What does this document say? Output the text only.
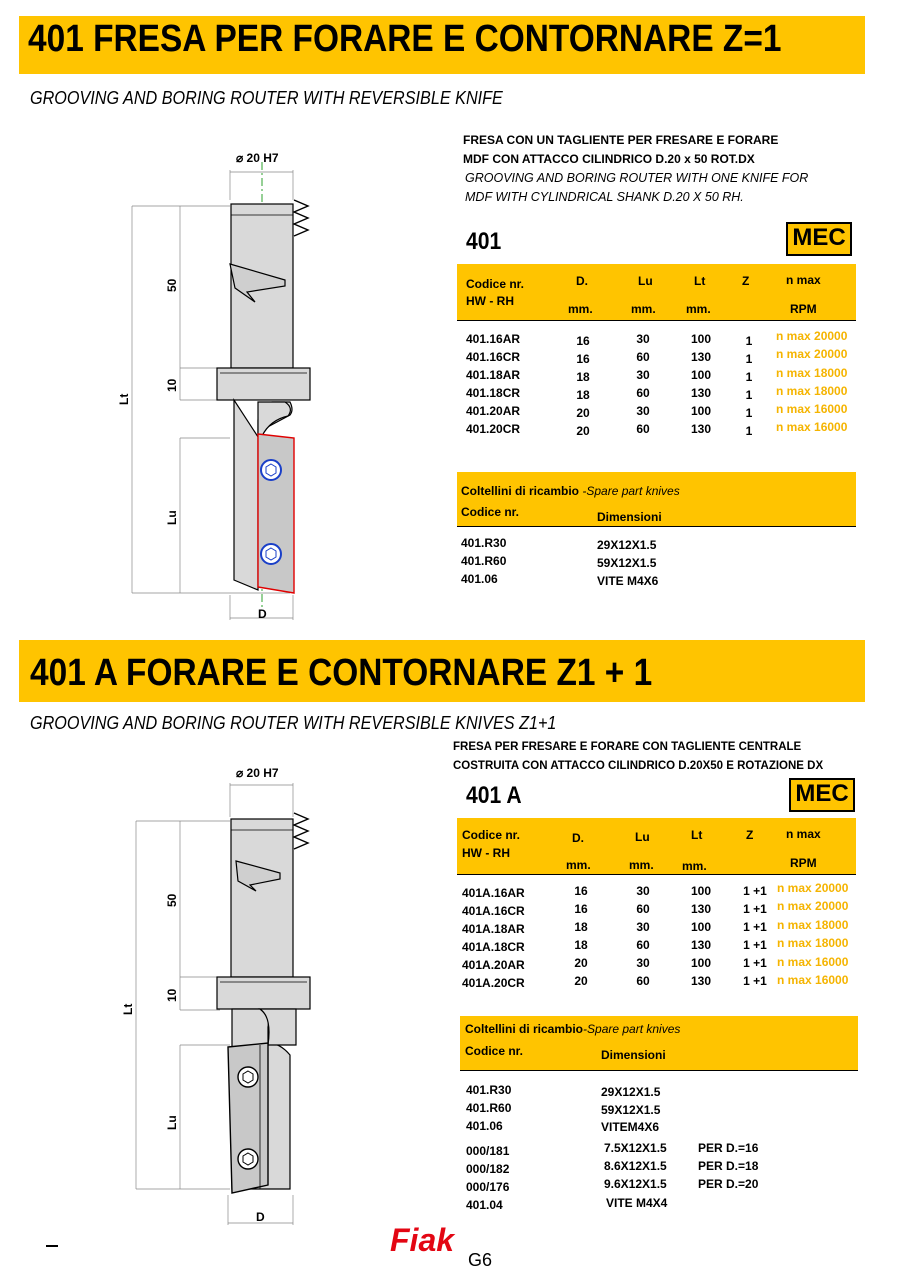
401 FRESA PER FORARE E CONTORNARE Z=1
GROOVING AND BORING ROUTER WITH REVERSIBLE KNIFE
⌀ 20 H7
50
10
Lt
Lu
D
FRESA CON UN TAGLIENTE PER FRESARE E FORARE
MDF CON ATTACCO CILINDRICO D.20 x 50 ROT.DX
GROOVING AND BORING ROUTER WITH ONE KNIFE FOR
MDF WITH CYLINDRICAL SHANK D.20 X 50 RH.
401	MEC
Codice nr.
HW - RH
D.	Lu	Lt	Z	n max
mm.	mm.	mm.	RPM
401.16AR	16	30	100	1	n max 20000
401.16CR	16	60	130	1	n max 20000
401.18AR	18	30	100	1	n max 18000
401.18CR	18	60	130	1	n max 18000
401.20AR	20	30	100	1	n max 16000
401.20CR	20	60	130	1	n max 16000
Coltellini di ricambio -Spare part knives
Codice nr.	Dimensioni
401.R30	29X12X1.5
401.R60	59X12X1.5
401.06	VITE M4X6
401 A FORARE E CONTORNARE Z1 + 1
GROOVING AND BORING ROUTER WITH REVERSIBLE KNIVES Z1+1
⌀ 20 H7
50
10
Lt
Lu
D
FRESA PER FRESARE E FORARE CON TAGLIENTE CENTRALE
COSTRUITA CON ATTACCO CILINDRICO D.20X50 E ROTAZIONE DX
401 A	MEC
Codice nr.
HW - RH
D.	Lu	Lt	Z	n max
mm.	mm. mm.	RPM
401A.16AR	16	30	100	1 +1 n max 20000
401A.16CR	16	60	130	1 +1 n max 20000
401A.18AR	18	30	100	1 +1 n max 18000
401A.18CR	18	60	130	1 +1 n max 18000
401A.20AR	20	30	100	1 +1 n max 16000
401A.20CR	20	60	130	1 +1 n max 16000
Coltellini di ricambio-Spare part knives
Codice nr.	Dimensioni
401.R30	29X12X1.5
401.R60	59X12X1.5
401.06	VITEM4X6
000/181	7.5X12X1.5	PER D.=16
000/182	8.6X12X1.5	PER D.=18
000/176	9.6X12X1.5	PER D.=20
401.04	VITE M4X4
Fiak
G6
